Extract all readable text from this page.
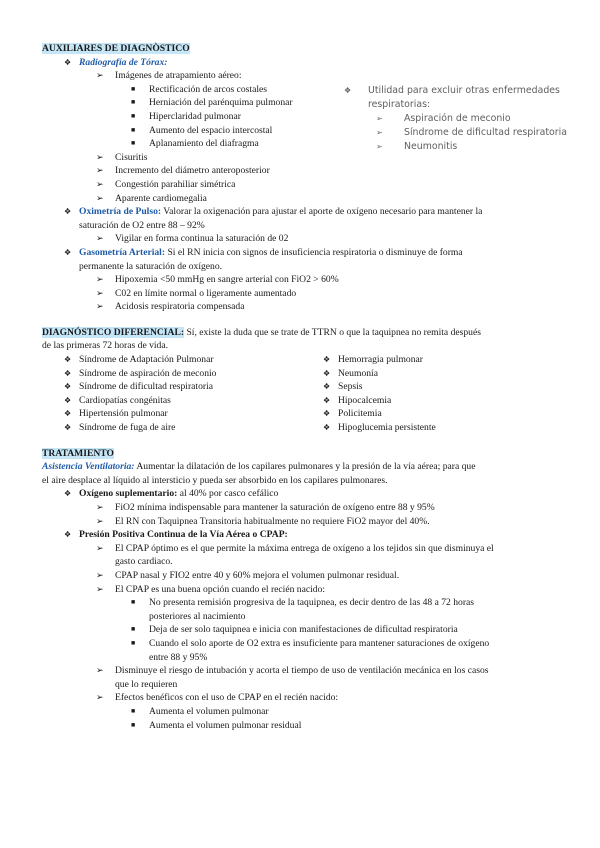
AUXILIARES DE DIAGNÒSTICO
❖ Radiografía de Tórax:
➢ Imágenes de atrapamiento aéreo:
■ Rectificación de arcos costales
■ Herniación del parénquima pulmonar
■ Hiperclaridad pulmonar
■ Aumento del espacio intercostal
■ Aplanamiento del diafragma
➢ Cisuritis
➢ Incremento del diámetro anteroposterior
➢ Congestión parahiliar simétrica
➢ Aparente cardiomegalia
❖ Oximetría de Pulso: Valorar la oxigenación para ajustar el aporte de oxígeno necesario para mantener la
saturación de O2 entre 88 – 92%
➢ Vigilar en forma continua la saturación de 02
❖ Gasometría Arterial: Si el RN inicia con signos de insuficiencia respiratoria o disminuye de forma
permanente la saturación de oxígeno.
➢ Hipoxemia <50 mmHg en sangre arterial con FiO2 > 60%
➢ C02 en límite normal o ligeramente aumentado
➢ Acidosis respiratoria compensada
DIAGNÓSTICO DIFERENCIAL: Sí, existe la duda que se trate de TTRN o que la taquipnea no remita después
de las primeras 72 horas de vida.
❖ Síndrome de Adaptación Pulmonar
❖ Síndrome de aspiración de meconio
❖ Síndrome de dificultad respiratoria
❖ Cardiopatías congénitas
❖ Hipertensión pulmonar
❖ Síndrome de fuga de aire
❖ Hemorragia pulmonar
❖ Neumonía
❖ Sepsis
❖ Hipocalcemia
❖ Policitemia
❖ Hipoglucemia persistente
TRATAMIENTO
Asistencia Ventilatoria: Aumentar la dilatación de los capilares pulmonares y la presión de la vía aérea; para que
el aire desplace al líquido al intersticio y pueda ser absorbido en los capilares pulmonares.
❖ Oxígeno suplementario: al 40% por casco cefálico
➢ FiO2 mínima indispensable para mantener la saturación de oxígeno entre 88 y 95%
➢ El RN con Taquipnea Transitoria habitualmente no requiere FiO2 mayor del 40%.
❖ Presión Positiva Continua de la Vía Aérea o CPAP:
➢ El CPAP óptimo es el que permite la máxima entrega de oxígeno a los tejidos sin que disminuya el
gasto cardiaco.
➢ CPAP nasal y FIO2 entre 40 y 60% mejora el volumen pulmonar residual.
➢ El CPAP es una buena opción cuando el recién nacido:
■ No presenta remisión progresiva de la taquipnea, es decir dentro de las 48 a 72 horas
posteriores al nacimiento
■ Deja de ser solo taquipnea e inicia con manifestaciones de dificultad respiratoria
■ Cuando el solo aporte de O2 extra es insuficiente para mantener saturaciones de oxígeno
entre 88 y 95%
➢ Disminuye el riesgo de intubación y acorta el tiempo de uso de ventilación mecánica en los casos
que lo requieren
➢ Efectos benéficos con el uso de CPAP en el recién nacido:
■ Aumenta el volumen pulmonar
■ Aumenta el volumen pulmonar residual
❖ Utilidad para excluir otras enfermedades
respiratorias:
➢ Aspiración de meconio
➢ Síndrome de dificultad respiratoria
➢ Neumonitis
